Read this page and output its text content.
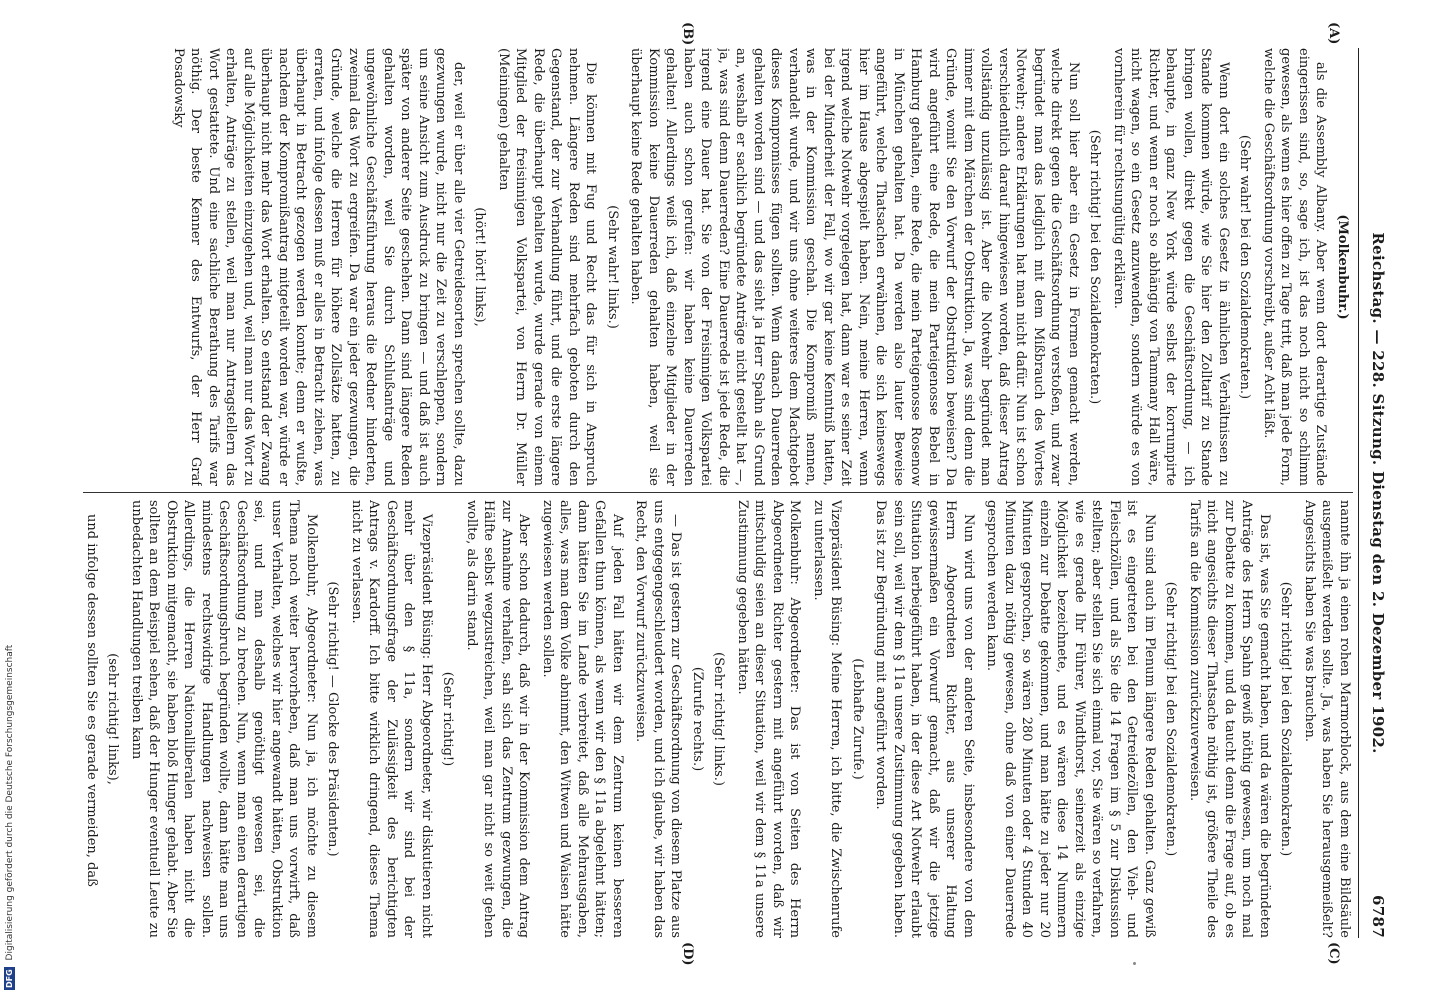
Reichstag. — 228. Sitzung. Dienstag den 2. Dezember 1902.
6787
(A)
(B)
(C)
(D)

(Molkenbuhr.)

als die Assembly Albany. Aber wenn dort derartige Zustände eingerissen sind, so, sage ich, ist das noch nicht so schlimm gewesen, als wenn es hier offen zu Tage tritt, daß man jede Form, welche die Geschäftsordnung vorschreibt, außer Acht läßt.

(Sehr wahr! bei den Sozialdemokraten.)

Wenn dort ein solches Gesetz in ähnlichen Verhältnissen zu Stande kommen würde, wie Sie hier den Zolltarif zu Stande bringen wollen, direkt gegen die Geschäftsordnung, — ich behaupte, in ganz New York würde selbst der korrumpirte Richter, und wenn er noch so abhängig von Tammany Hall wäre, nicht wagen, so ein Gesetz anzuwenden, sondern würde es von vornherein für rechtsungültig erklären.

(Sehr richtig! bei den Sozialdemokraten.)

Nun soll hier aber ein Gesetz in Formen gemacht werden, welche direkt gegen die Geschäftsordnung verstoßen, und zwar begründet man das lediglich mit dem Mißbrauch des Wortes Notwehr; andere Erklärungen hat man nicht dafür. Nun ist schon verschiedentlich darauf hingewiesen worden, daß dieser Antrag vollständig unzulässig ist. Aber die Notwehr begründet man immer mit dem Märchen der Obstruktion. Ja, was sind denn die Gründe, womit Sie den Vorwurf der Obstruktion beweisen? Da wird angeführt eine Rede, die mein Parteigenosse Bebel in Hamburg gehalten, eine Rede, die mein Parteigenosse Rosenow in München gehalten hat. Da werden also lauter Beweise angeführt, welche Thatsachen erwähnen, die sich keineswegs hier im Hause abgespielt haben. Nein, meine Herren, wenn irgend welche Notwehr vorgelegen hat, dann war es seiner Zeit bei der Minderheit der Fall, wo wir gar keine Kenntniß hatten, was in der Kommission geschah. Die Kompromiß nennen, verhandelt wurde, und wir uns ohne weiteres dem Machtgebot dieses Kompromisses fügen sollten. Wenn danach Dauerreden gehalten worden sind — und das sieht ja Herr Spahn als Grund an, weshalb er sachlich begründete Anträge nicht gestellt hat —, ja, was sind denn Dauerreden? Eine Dauerrede ist jede Rede, die irgend eine Dauer hat. Sie von der Freisinnigen Volkspartei haben auch schon gerufen: wir haben keine Dauerreden gehalten! Allerdings weiß ich, daß einzelne Mitglieder in der Kommission keine Dauerreden gehalten haben, weil sie überhaupt keine Rede gehalten haben.

(Sehr wahr! links.)

Die können mit Fug und Recht das für sich in Anspruch nehmen. Längere Reden sind mehrfach geboten durch den Gegenstand, der zur Verhandlung führt, und die erste längere Rede, die überhaupt gehalten wurde, wurde gerade von einem Mitglied der freisinnigen Volkspartei, von Herrn Dr. Müller (Meiningen) gehalten

(hört! hört! links),

der, weil er über alle vier Getreidesorten sprechen sollte, dazu gezwungen wurde, nicht nur die Zeit zu verschleppen, sondern um seine Ansicht zum Ausdruck zu bringen — und daß ist auch später von anderer Seite geschehen. Dann sind längere Reden gehalten worden, weil Sie durch Schlußanträge und ungewöhnliche Geschäftsführung heraus die Redner hinderten, zweimal das Wort zu ergreifen. Da war ein jeder gezwungen, die Gründe, welche die Herren für höhere Zollsätze hatten, zu erraten, und infolge dessen muß er alles in Betracht ziehen, was überhaupt in Betracht gezogen werden konnte; denn er wußte, nachdem der Kompromißantrag mitgeteilt worden war, würde er überhaupt nicht mehr das Wort erhalten. So entstand der Zwang auf alle Möglichkeiten einzugehen und, weil man nur das Wort zu erhalten, Anträge zu stellen, weil man nur Antragstellern das Wort gestattete. Und eine sachliche Berathung des Tarifs war nöthig. Der beste Kenner des Entwurfs, der Herr Graf Posadowsky

nannte ihn ja einen rohen Marmorblock, aus dem eine Bildsäule ausgemeißelt werden sollte. Ja, was haben Sie herausgemeißelt? Angesichts haben Sie was brauchen.

(Sehr richtig! bei den Sozialdemokraten.)

Das ist, was Sie gemacht haben, und da wären die begründeten Anträge des Herrn Spahn gewiß nöthig gewesen, um noch mal zur Debatte zu kommen, und da taucht denn die Frage auf, ob es nicht angesichts dieser Thatsache nöthig ist, größere Theile des Tarifs an die Kommission zurückzuverweisen.

(Sehr richtig! bei den Sozialdemokraten.)

Nun sind auch im Plenum längere Reden gehalten. Ganz gewiß ist es eingetreten bei den Getreidezöllen, den Vieh- und Fleischzöllen, und als Sie die 14 Fragen im § 5 zur Diskussion stellten; aber stellen Sie sich einmal vor, Sie wären so verfahren, wie es gerade Ihr Führer, Windthorst, seinerzeit als einzige Möglichkeit bezeichnete, und es wären diese 14 Nummern einzeln zur Debatte gekommen, und man hätte zu jeder nur 20 Minuten gesprochen, so wären 280 Minuten oder 4 Stunden 40 Minuten dazu nöthig gewesen, ohne daß von einer Dauerrede gesprochen werden kann.

Nun wird uns von der anderen Seite, insbesondere von dem Herrn Abgeordneten Richter, aus unserer Haltung gewissermaßen ein Vorwurf gemacht, daß wir die jetzige Situation herbeigeführt haben, in der diese Art Notwehr erlaubt sein soll, weil wir dem § 11a unsere Zustimmung gegeben haben. Das ist zur Begründung mit angeführt worden.

(Lebhafte Zurufe.)

Vizepräsident Büsing: Meine Herren, ich bitte, die Zwischenrufe zu unterlassen.

Molkenbuhr: Abgeordneter: Das ist von Seiten des Herrn Abgeordneten Richter gestern mit angeführt worden, daß wir mitschuldig seien an dieser Situation, weil wir dem § 11a unsere Zustimmung gegeben hätten.

(Sehr richtig! links.)

(Zurufe rechts.)

— Das ist gestern zur Geschäftsordnung von diesem Platze aus uns entgegengeschleudert worden, und ich glaube, wir haben das Recht, den Vorwurf zurückzuweisen.

Auf jeden Fall hätten wir dem Zentrum keinen besseren Gefallen thun können, als wenn wir den § 11a abgelehnt hätten; dann hätten Sie im Lande verbreitet, daß alle Mehrausgaben, alles, was man dem Volke abnimmt, den Witwen und Waisen hätte zugewiesen werden sollen.

Aber schon dadurch, daß wir in der Kommission dem Antrag zur Annahme verhalfen, sah sich das Zentrum gezwungen, die Hälfte selbst wegzustreichen, weil man gar nicht so weit gehen wollte, als darin stand.

(Sehr richtig!)

Vizepräsident Büsing: Herr Abgeordneter, wir diskutieren nicht mehr über den § 11a, sondern wir sind bei der Geschäftsordnungsfrage der Zulässigkeit des berichtigten Antrags v. Kardorff. Ich bitte wirklich dringend, dieses Thema nicht zu verlassen.

(Sehr richtig! — Glocke des Präsidenten.)

Molkenbuhr, Abgeordneter: Nun ja, ich möchte zu diesem Thema noch weiter hervorheben, daß man uns vorwirft, daß unser Verhalten, welches wir hier angewandt hätten, Obstruktion sei, und man deshalb genöthigt gewesen sei, die Geschäftsordnung zu brechen. Nun, wenn man einen derartigen Geschäftsordnungsbruch begründen wollte, dann hätte man uns mindestens rechtswidrige Handlungen nachweisen sollen. Allerdings, die Herren Nationalliberalen haben nicht die Obstruktion mitgemacht, sie haben bloß Hunger gehabt. Aber Sie sollten an dem Beispiel sehen, daß der Hunger eventuell Leute zu unbedachten Handlungen treiben kann

(sehr richtig! links),

und infolge dessen sollten Sie es gerade vermeiden, daß

DFG Digitalisierung gefördert durch die Deutsche Forschungsgemeinschaft
